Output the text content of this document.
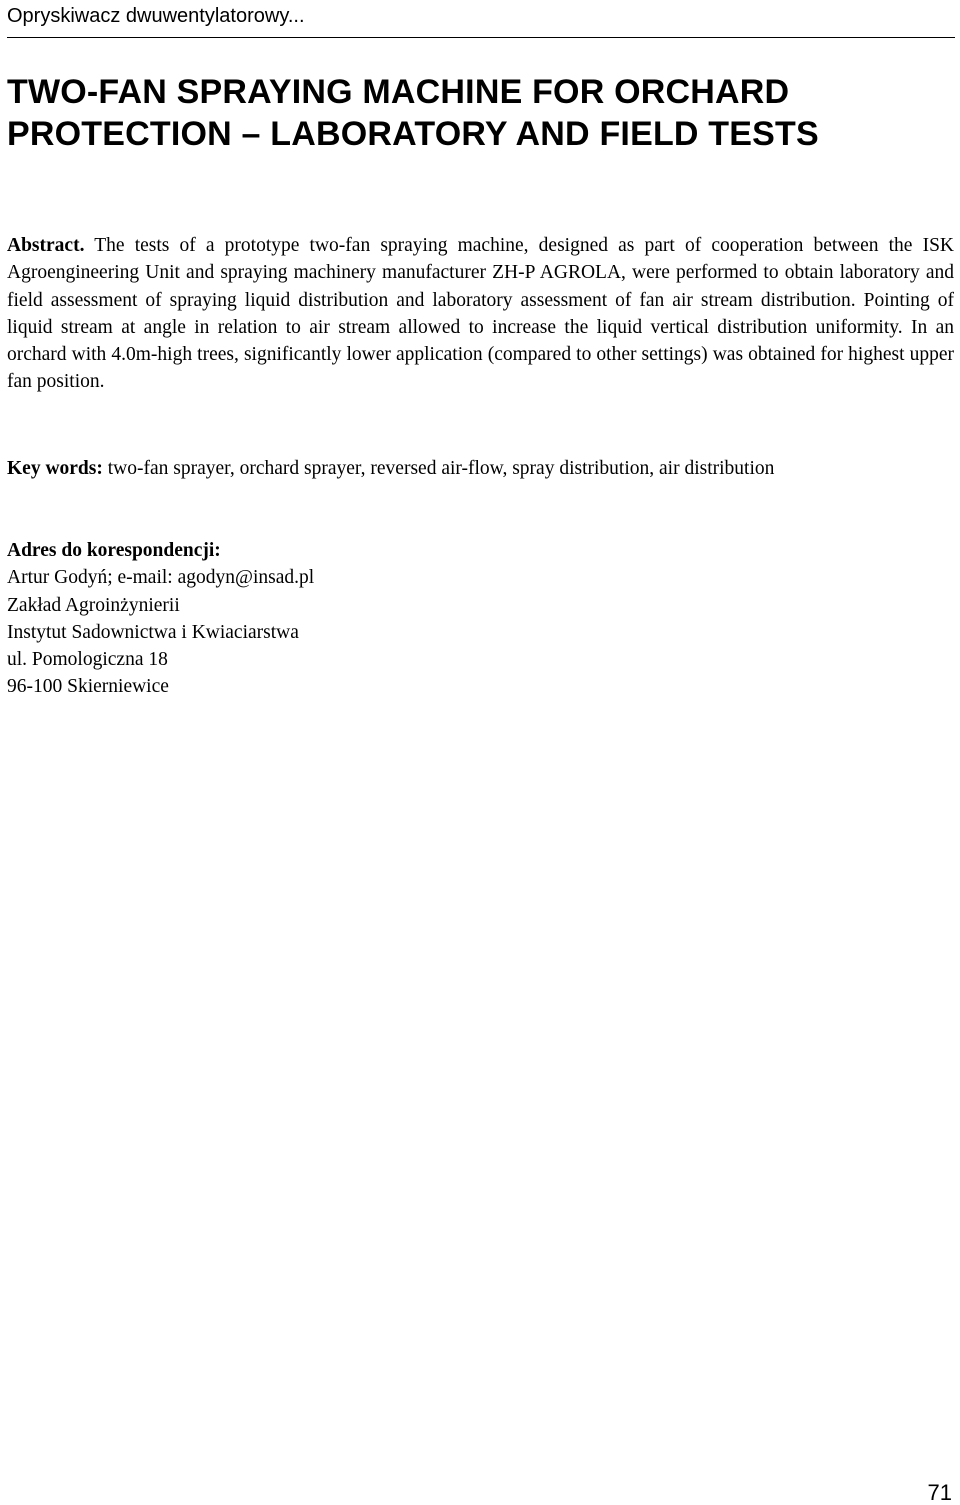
Opryskiwacz dwuwentylatorowy...
TWO-FAN SPRAYING MACHINE FOR ORCHARD
PROTECTION – LABORATORY AND FIELD TESTS

Abstract. The tests of a prototype two-fan spraying machine, designed as part of cooperation between the ISK Agroengineering Unit and spraying machinery manufacturer ZH-P AGROLA, were performed to obtain laboratory and field assessment of spraying liquid distribution and laboratory assessment of fan air stream distribution. Pointing of liquid stream at angle in relation to air stream allowed to increase the liquid vertical distribution uniformity. In an orchard with 4.0m-high trees, significantly lower application (compared to other settings) was obtained for highest upper fan position.

Key words: two-fan sprayer, orchard sprayer, reversed air-flow, spray distribution, air distribution

Adres do korespondencji:
Artur Godyń; e-mail: agodyn@insad.pl
Zakład Agroinżynierii
Instytut Sadownictwa i Kwiaciarstwa
ul. Pomologiczna 18
96-100 Skierniewice
71
